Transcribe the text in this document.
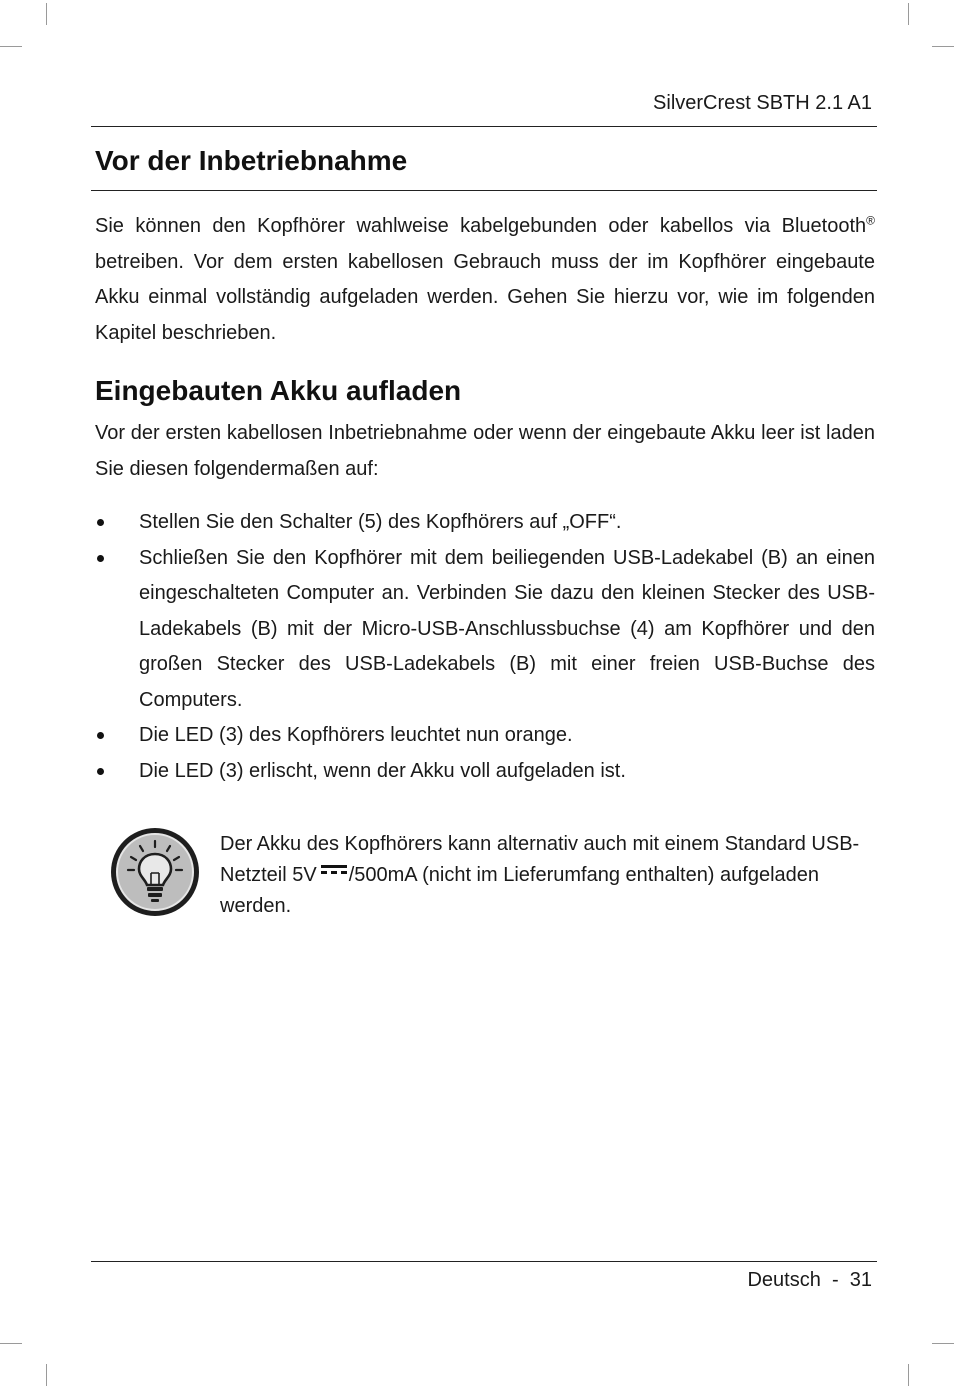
SilverCrest SBTH 2.1 A1
Vor der Inbetriebnahme

Sie können den Kopfhörer wahlweise kabelgebunden oder kabellos via Bluetooth® betreiben. Vor dem ersten kabellosen Gebrauch muss der im Kopfhörer eingebaute Akku einmal vollständig aufgeladen werden. Gehen Sie hierzu vor, wie im folgenden Kapitel beschrieben.

Eingebauten Akku aufladen

Vor der ersten kabellosen Inbetriebnahme oder wenn der eingebaute Akku leer ist laden Sie diesen folgendermaßen auf:

Stellen Sie den Schalter (5) des Kopfhörers auf „OFF“.
Schließen Sie den Kopfhörer mit dem beiliegenden USB-Ladekabel (B) an einen eingeschalteten Computer an. Verbinden Sie dazu den kleinen Stecker des USB-Ladekabels (B) mit der Micro-USB-Anschlussbuchse (4) am Kopfhörer und den großen Stecker des USB-Ladekabels (B) mit einer freien USB-Buchse des Computers.
Die LED (3) des Kopfhörers leuchtet nun orange.
Die LED (3) erlischt, wenn der Akku voll aufgeladen ist.

Der Akku des Kopfhörers kann alternativ auch mit einem Standard USB-Netzteil 5V /500mA (nicht im Lieferumfang enthalten) aufgeladen werden.

Deutsch - 31
